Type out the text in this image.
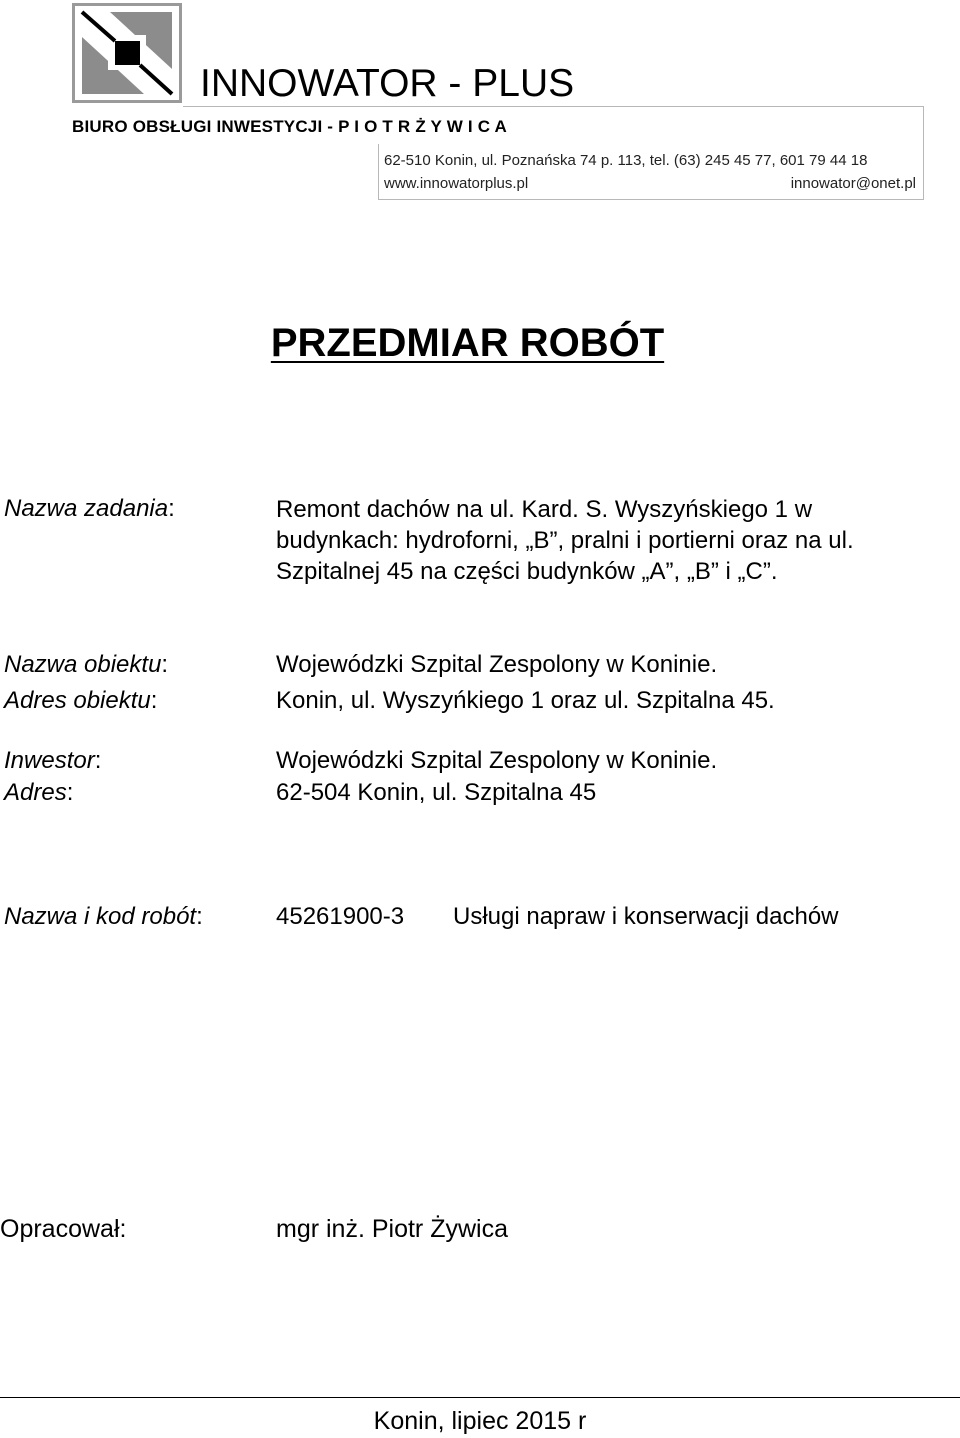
INNOWATOR - PLUS
BIURO OBSŁUGI INWESTYCJI - P I O T R Ż Y W I C A
62-510 Konin, ul. Poznańska 74 p. 113, tel. (63) 245 45 77, 601 79 44 18
www.innowatorplus.pl	innowator@onet.pl
PRZEDMIAR ROBÓT
Nazwa zadania:	Remont dachów na ul. Kard. S. Wyszyńskiego 1 w
budynkach: hydroforni, „B”, pralni i portierni oraz na ul.
Szpitalnej 45 na części budynków „A”, „B” i „C”.
Nazwa obiektu:	Wojewódzki Szpital Zespolony w Koninie.
Adres obiektu:	Konin, ul. Wyszyńkiego 1 oraz ul. Szpitalna 45.
Inwestor:	Wojewódzki Szpital Zespolony w Koninie.
Adres:	62-504 Konin, ul. Szpitalna 45
Nazwa i kod robót:	45261900-3 Usługi napraw i konserwacji dachów
Opracował:	mgr inż. Piotr Żywica
Konin, lipiec 2015 r
